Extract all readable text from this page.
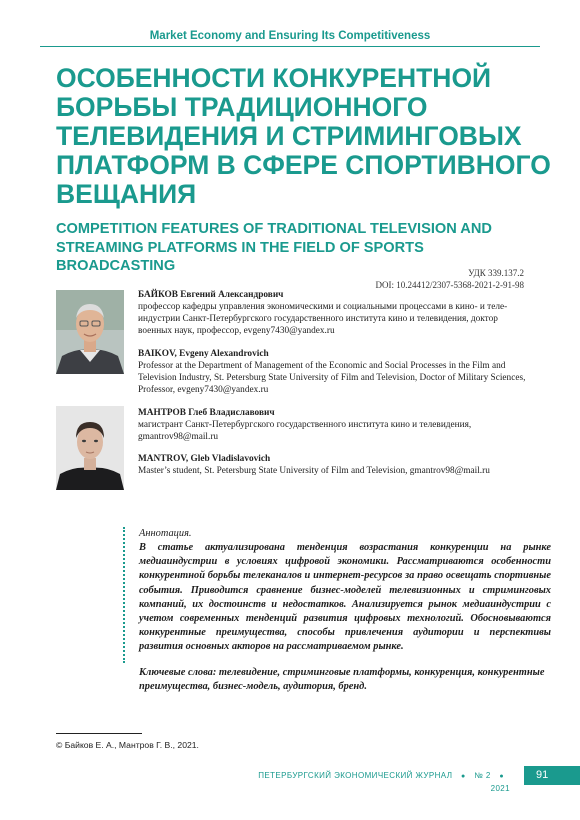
Market Economy and Ensuring Its Competitiveness
ОСОБЕННОСТИ КОНКУРЕНТНОЙ БОРЬБЫ ТРАДИЦИОННОГО ТЕЛЕВИДЕНИЯ И СТРИМИНГОВЫХ ПЛАТФОРМ В СФЕРЕ СПОРТИВНОГО ВЕЩАНИЯ
COMPETITION FEATURES OF TRADITIONAL TELEVISION AND STREAMING PLATFORMS IN THE FIELD OF SPORTS BROADCASTING	УДК 339.137.2
DOI: 10.24412/2307-5368-2021-2-91-98
БАЙКОВ Евгений Александрович
профессор кафедры управления экономическими и социальными процессами в кино- и телеиндустрии Санкт-Петербургского государственного института кино и телевидения, доктор военных наук, профессор, evgeny7430@yandex.ru
BAIKOV, Evgeny Alexandrovich
Professor at the Department of Management of the Economic and Social Processes in the Film and Television Industry, St. Petersburg State University of Film and Television, Doctor of Military Sciences, Professor, evgeny7430@yandex.ru
МАНТРОВ Глеб Владиславович
магистрант Санкт-Петербургского государственного института кино и телевидения, gmantrov98@mail.ru
MANTROV, Gleb Vladislavovich
Master’s student, St. Petersburg State University of Film and Television, gmantrov98@mail.ru
Аннотация.
В статье актуализирована тенденция возрастания конкуренции на рынке медиаиндустрии в условиях цифровой экономики. Рассматриваются особенности конкурентной борьбы телеканалов и интернет-ресурсов за право освещать спортивные события. Приводится сравнение бизнес-моделей телевизионных и стриминговых компаний, их достоинств и недостатков. Анализируется рынок медиаиндустрии с учетом современных тенденций развития цифровых технологий. Обосновываются конкурентные преимущества, способы привлечения аудитории и перспективы развития основных акторов на рассматриваемом рынке.
Ключевые слова: телевидение, стриминговые платформы, конкуренция, конкурентные преимущества, бизнес-модель, аудитория, бренд.
© Байков Е. А., Мантров Г. В., 2021.
ПЕТЕРБУРГСКИЙ ЭКОНОМИЧЕСКИЙ ЖУРНАЛ ● № 2 ● 2021
91
